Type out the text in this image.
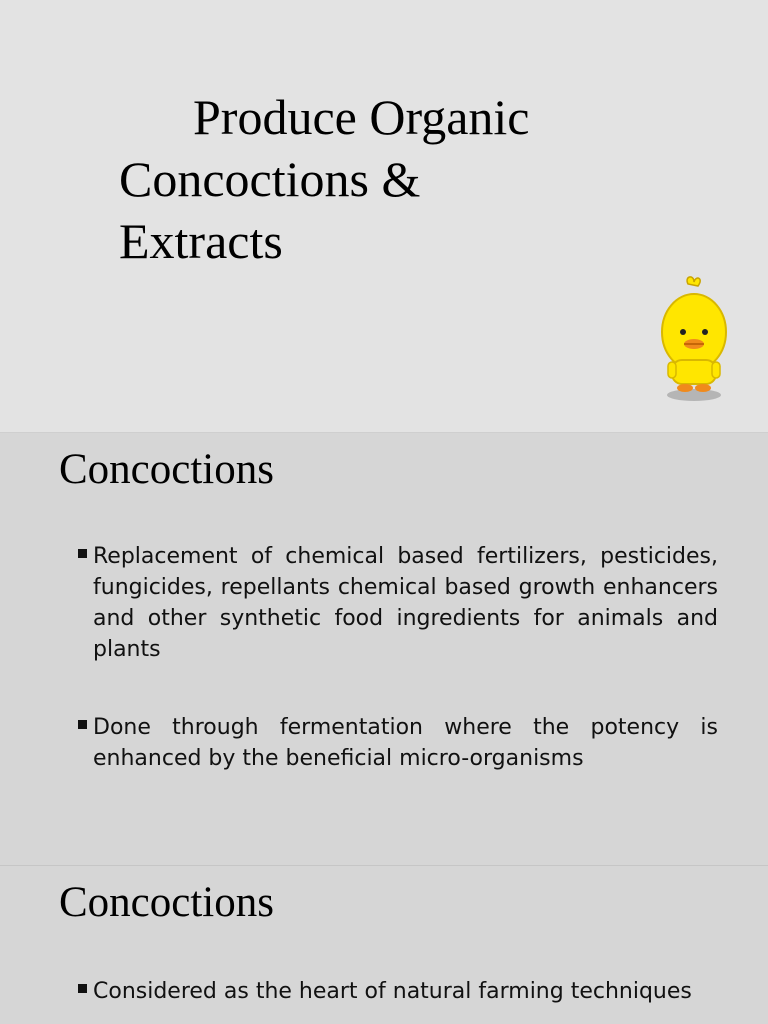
Produce Organic
Concoctions &
Extracts
Concoctions
Replacement of chemical based fertilizers, pesticides, fungicides, repellants chemical based growth enhancers and other synthetic food ingredients for animals and plants
Done through fermentation where the potency is enhanced by the beneficial micro-organisms
Concoctions
Considered as the heart of natural farming techniques
